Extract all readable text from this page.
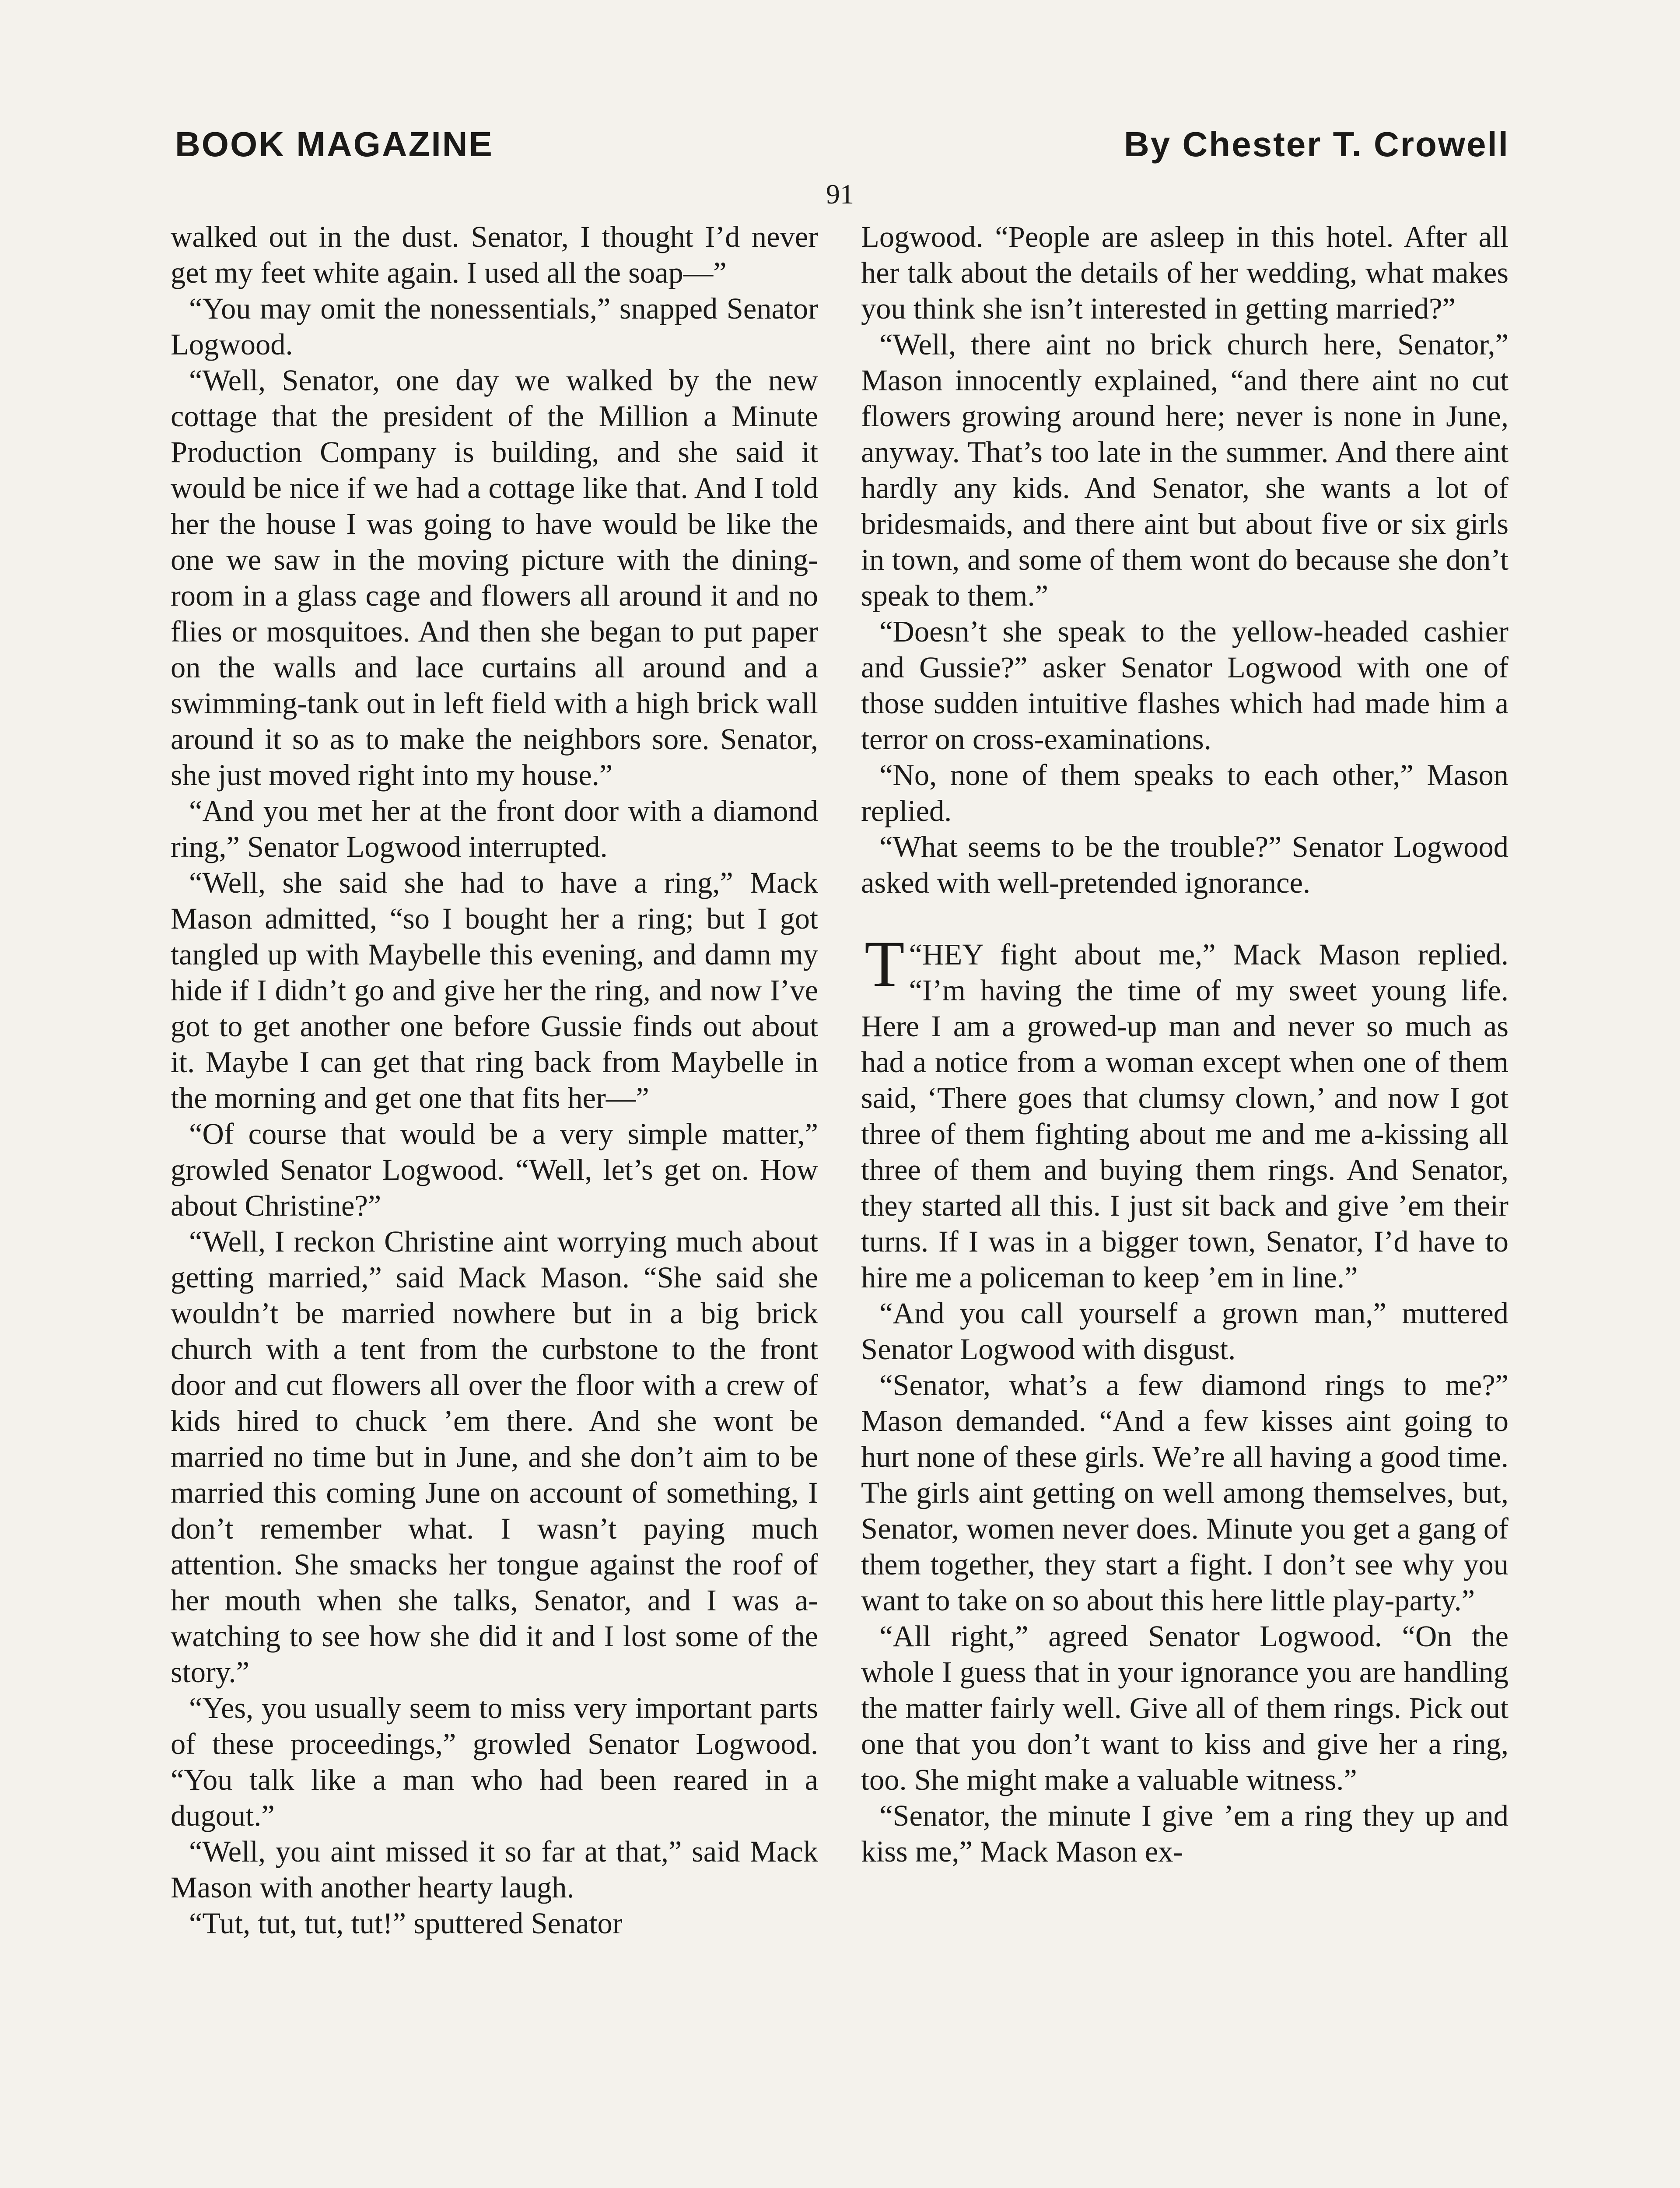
BOOK MAGAZINE	By Chester T. Crowell
91

walked out in the dust. Senator, I thought I’d never get my feet white again. I used all the soap—”

“You may omit the nonessentials,” snapped Senator Logwood.

“Well, Senator, one day we walked by the new cottage that the president of the Million a Minute Production Company is building, and she said it would be nice if we had a cottage like that. And I told her the house I was going to have would be like the one we saw in the moving picture with the dining-room in a glass cage and flowers all around it and no flies or mosquitoes. And then she began to put paper on the walls and lace curtains all around and a swimming-tank out in left field with a high brick wall around it so as to make the neighbors sore. Senator, she just moved right into my house.”

“And you met her at the front door with a diamond ring,” Senator Logwood interrupted.

“Well, she said she had to have a ring,” Mack Mason admitted, “so I bought her a ring; but I got tangled up with Maybelle this evening, and damn my hide if I didn’t go and give her the ring, and now I’ve got to get another one before Gussie finds out about it. Maybe I can get that ring back from Maybelle in the morning and get one that fits her—”

“Of course that would be a very simple matter,” growled Senator Logwood. “Well, let’s get on. How about Christine?”

“Well, I reckon Christine aint worrying much about getting married,” said Mack Mason. “She said she wouldn’t be married nowhere but in a big brick church with a tent from the curbstone to the front door and cut flowers all over the floor with a crew of kids hired to chuck ’em there. And she wont be married no time but in June, and she don’t aim to be married this coming June on account of something, I don’t remember what. I wasn’t paying much attention. She smacks her tongue against the roof of her mouth when she talks, Senator, and I was a-watching to see how she did it and I lost some of the story.”

“Yes, you usually seem to miss very important parts of these proceedings,” growled Senator Logwood. “You talk like a man who had been reared in a dugout.”

“Well, you aint missed it so far at that,” said Mack Mason with another hearty laugh.

“Tut, tut, tut, tut!” sputtered Senator

Logwood. “People are asleep in this hotel. After all her talk about the details of her wedding, what makes you think she isn’t interested in getting married?”

“Well, there aint no brick church here, Senator,” Mason innocently explained, “and there aint no cut flowers growing around here; never is none in June, anyway. That’s too late in the summer. And there aint hardly any kids. And Senator, she wants a lot of bridesmaids, and there aint but about five or six girls in town, and some of them wont do because she don’t speak to them.”

“Doesn’t she speak to the yellow-headed cashier and Gussie?” asker Senator Logwood with one of those sudden intuitive flashes which had made him a terror on cross-examinations.

“No, none of them speaks to each other,” Mason replied.

“What seems to be the trouble?” Senator Logwood asked with well-pretended ignorance.

“
T HEY fight about me,” Mack Mason replied. “I’m having the time of my sweet young life. Here I am a growed-up man and never so much as had a notice from a woman except when one of them said, ‘There goes that clumsy clown,’ and now I got three of them fighting about me and me a-kissing all three of them and buying them rings. And Senator, they started all this. I just sit back and give ’em their turns. If I was in a bigger town, Senator, I’d have to hire me a policeman to keep ’em in line.”

“And you call yourself a grown man,” muttered Senator Logwood with disgust.

“Senator, what’s a few diamond rings to me?” Mason demanded. “And a few kisses aint going to hurt none of these girls. We’re all having a good time. The girls aint getting on well among themselves, but, Senator, women never does. Minute you get a gang of them together, they start a fight. I don’t see why you want to take on so about this here little play-party.”

“All right,” agreed Senator Logwood. “On the whole I guess that in your ignorance you are handling the matter fairly well. Give all of them rings. Pick out one that you don’t want to kiss and give her a ring, too. She might make a valuable witness.”

“Senator, the minute I give ’em a ring they up and kiss me,” Mack Mason ex-
